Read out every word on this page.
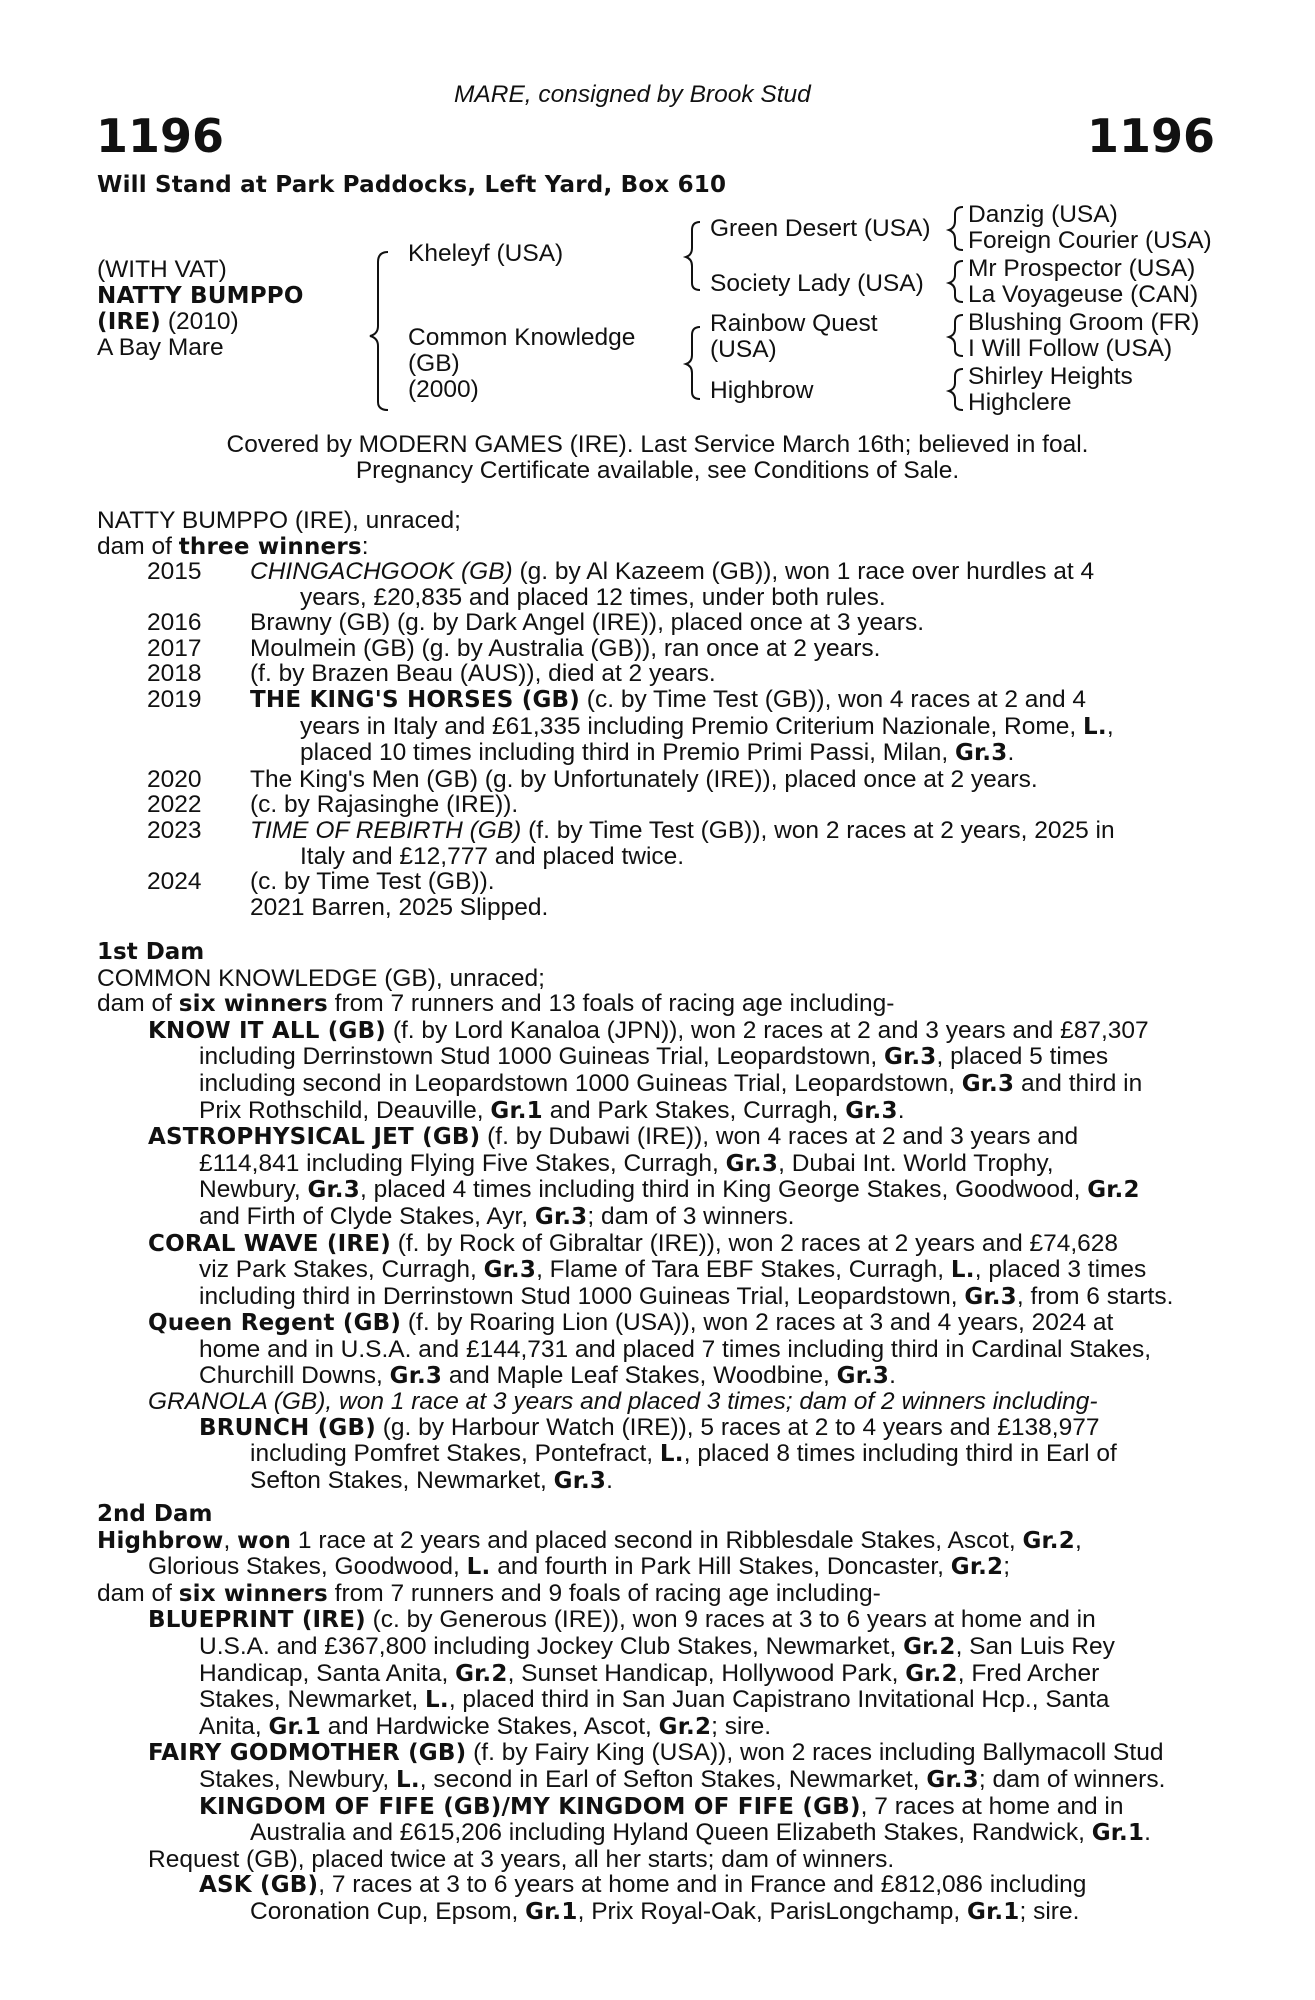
MARE, consigned by Brook Stud
1196	1196
Will Stand at Park Paddocks, Left Yard, Box 610
(WITH VAT)
NATTY BUMPPO
(IRE) (2010)
A Bay Mare
Kheleyf (USA)
Common Knowledge
(GB)
(2000)
Green Desert (USA)
Society Lady (USA)
Rainbow Quest
(USA)
Highbrow
Danzig (USA)
Foreign Courier (USA)
Mr Prospector (USA)
La Voyageuse (CAN)
Blushing Groom (FR)
I Will Follow (USA)
Shirley Heights
Highclere
Covered by MODERN GAMES (IRE). Last Service March 16th; believed in foal.
Pregnancy Certificate available, see Conditions of Sale.
NATTY BUMPPO (IRE), unraced;
dam of three winners:
2015 CHINGACHGOOK (GB) (g. by Al Kazeem (GB)), won 1 race over hurdles at 4
years, £20,835 and placed 12 times, under both rules.
2016 Brawny (GB) (g. by Dark Angel (IRE)), placed once at 3 years.
2017 Moulmein (GB) (g. by Australia (GB)), ran once at 2 years.
2018 (f. by Brazen Beau (AUS)), died at 2 years.
2019 THE KING'S HORSES (GB) (c. by Time Test (GB)), won 4 races at 2 and 4
years in Italy and £61,335 including Premio Criterium Nazionale, Rome, L.,
placed 10 times including third in Premio Primi Passi, Milan, Gr.3.
2020 The King's Men (GB) (g. by Unfortunately (IRE)), placed once at 2 years.
2022 (c. by Rajasinghe (IRE)).
2023 TIME OF REBIRTH (GB) (f. by Time Test (GB)), won 2 races at 2 years, 2025 in
Italy and £12,777 and placed twice.
2024 (c. by Time Test (GB)).
2021 Barren, 2025 Slipped.
1st Dam
COMMON KNOWLEDGE (GB), unraced;
dam of six winners from 7 runners and 13 foals of racing age including-
KNOW IT ALL (GB) (f. by Lord Kanaloa (JPN)), won 2 races at 2 and 3 years and £87,307
including Derrinstown Stud 1000 Guineas Trial, Leopardstown, Gr.3, placed 5 times
including second in Leopardstown 1000 Guineas Trial, Leopardstown, Gr.3 and third in
Prix Rothschild, Deauville, Gr.1 and Park Stakes, Curragh, Gr.3.
ASTROPHYSICAL JET (GB) (f. by Dubawi (IRE)), won 4 races at 2 and 3 years and
£114,841 including Flying Five Stakes, Curragh, Gr.3, Dubai Int. World Trophy,
Newbury, Gr.3, placed 4 times including third in King George Stakes, Goodwood, Gr.2
and Firth of Clyde Stakes, Ayr, Gr.3; dam of 3 winners.
CORAL WAVE (IRE) (f. by Rock of Gibraltar (IRE)), won 2 races at 2 years and £74,628
viz Park Stakes, Curragh, Gr.3, Flame of Tara EBF Stakes, Curragh, L., placed 3 times
including third in Derrinstown Stud 1000 Guineas Trial, Leopardstown, Gr.3, from 6 starts.
Queen Regent (GB) (f. by Roaring Lion (USA)), won 2 races at 3 and 4 years, 2024 at
home and in U.S.A. and £144,731 and placed 7 times including third in Cardinal Stakes,
Churchill Downs, Gr.3 and Maple Leaf Stakes, Woodbine, Gr.3.
GRANOLA (GB), won 1 race at 3 years and placed 3 times; dam of 2 winners including-
BRUNCH (GB) (g. by Harbour Watch (IRE)), 5 races at 2 to 4 years and £138,977
including Pomfret Stakes, Pontefract, L., placed 8 times including third in Earl of
Sefton Stakes, Newmarket, Gr.3.
2nd Dam
Highbrow, won 1 race at 2 years and placed second in Ribblesdale Stakes, Ascot, Gr.2,
Glorious Stakes, Goodwood, L. and fourth in Park Hill Stakes, Doncaster, Gr.2;
dam of six winners from 7 runners and 9 foals of racing age including-
BLUEPRINT (IRE) (c. by Generous (IRE)), won 9 races at 3 to 6 years at home and in
U.S.A. and £367,800 including Jockey Club Stakes, Newmarket, Gr.2, San Luis Rey
Handicap, Santa Anita, Gr.2, Sunset Handicap, Hollywood Park, Gr.2, Fred Archer
Stakes, Newmarket, L., placed third in San Juan Capistrano Invitational Hcp., Santa
Anita, Gr.1 and Hardwicke Stakes, Ascot, Gr.2; sire.
FAIRY GODMOTHER (GB) (f. by Fairy King (USA)), won 2 races including Ballymacoll Stud
Stakes, Newbury, L., second in Earl of Sefton Stakes, Newmarket, Gr.3; dam of winners.
KINGDOM OF FIFE (GB)/MY KINGDOM OF FIFE (GB), 7 races at home and in
Australia and £615,206 including Hyland Queen Elizabeth Stakes, Randwick, Gr.1.
Request (GB), placed twice at 3 years, all her starts; dam of winners.
ASK (GB), 7 races at 3 to 6 years at home and in France and £812,086 including
Coronation Cup, Epsom, Gr.1, Prix Royal-Oak, ParisLongchamp, Gr.1; sire.
